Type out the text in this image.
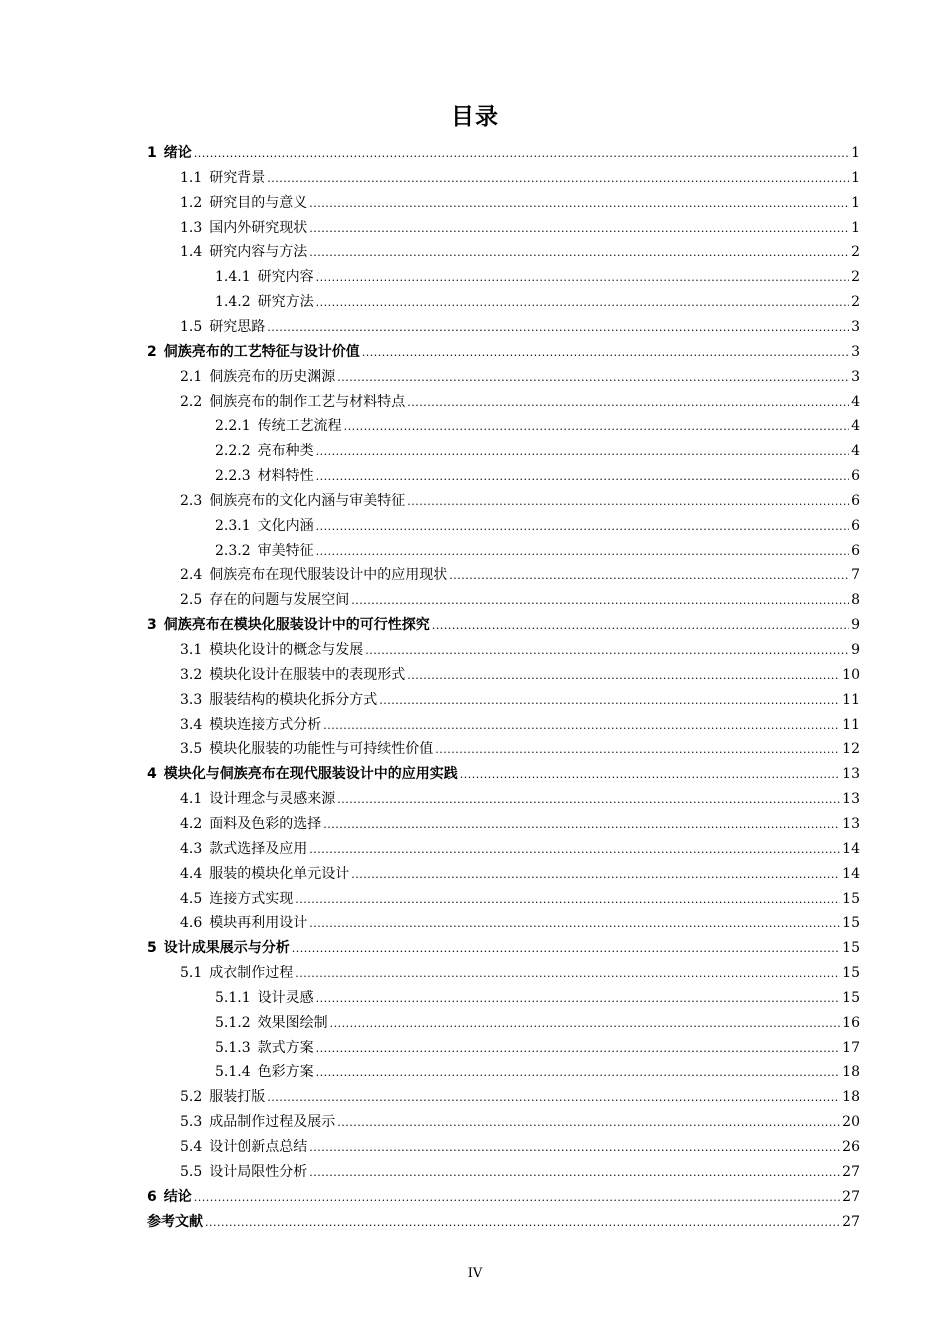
目录
1 绪论 .....	1
1.1 研究背景 .....	1
1.2 研究目的与意义 .....	1
1.3 国内外研究现状 .....	1
1.4 研究内容与方法 .....	2
1.4.1 研究内容 .....	2
1.4.2 研究方法 .....	2
1.5 研究思路 .....	3
2 侗族亮布的工艺特征与设计价值 .....	3
2.1 侗族亮布的历史渊源 .....	3
2.2 侗族亮布的制作工艺与材料特点 .....	4
2.2.1 传统工艺流程 .....	4
2.2.2 亮布种类 .....	4
2.2.3 材料特性 .....	6
2.3 侗族亮布的文化内涵与审美特征 .....	6
2.3.1 文化内涵 .....	6
2.3.2 审美特征 .....	6
2.4 侗族亮布在现代服装设计中的应用现状 .....	7
2.5 存在的问题与发展空间 .....	8
3 侗族亮布在模块化服装设计中的可行性探究 .....	9
3.1 模块化设计的概念与发展 .....	9
3.2 模块化设计在服装中的表现形式 .....	10
3.3 服装结构的模块化拆分方式 .....	11
3.4 模块连接方式分析 .....	11
3.5 模块化服装的功能性与可持续性价值 .....	12
4 模块化与侗族亮布在现代服装设计中的应用实践 .....	13
4.1 设计理念与灵感来源 .....	13
4.2 面料及色彩的选择 .....	13
4.3 款式选择及应用 .....	14
4.4 服装的模块化单元设计 .....	14
4.5 连接方式实现 .....	15
4.6 模块再利用设计 .....	15
5 设计成果展示与分析 .....	15
5.1 成衣制作过程 .....	15
5.1.1 设计灵感 .....	15
5.1.2 效果图绘制 .....	16
5.1.3 款式方案 .....	17
5.1.4 色彩方案 .....	18
5.2 服装打版 .....	18
5.3 成品制作过程及展示 .....	20
5.4 设计创新点总结 .....	26
5.5 设计局限性分析 .....	27
6 结论 .....	27
参考文献 .....	27
IV
